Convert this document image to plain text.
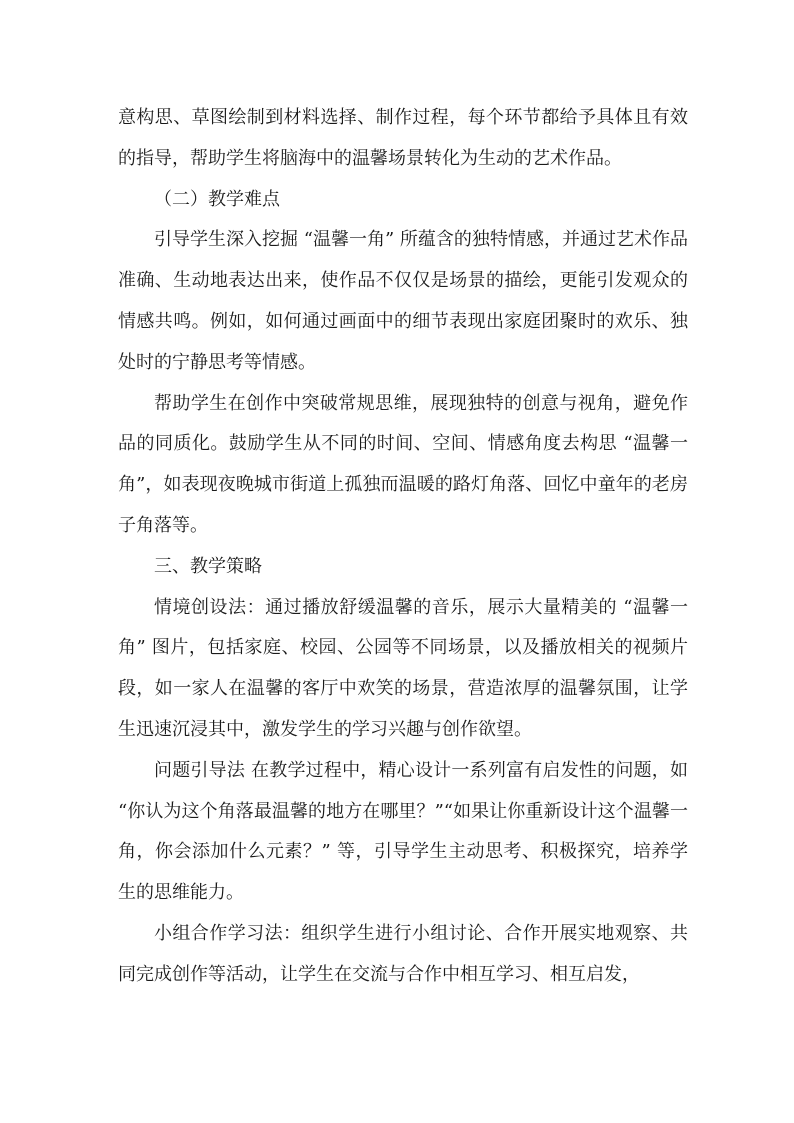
意构思、草图绘制到材料选择、制作过程，每个环节都给予具体且有效的指导，帮助学生将脑海中的温馨场景转化为生动的艺术作品。

（二）教学难点

引导学生深入挖掘 “温馨一角” 所蕴含的独特情感，并通过艺术作品准确、生动地表达出来，使作品不仅仅是场景的描绘，更能引发观众的情感共鸣。例如，如何通过画面中的细节表现出家庭团聚时的欢乐、独处时的宁静思考等情感。

帮助学生在创作中突破常规思维，展现独特的创意与视角，避免作品的同质化。鼓励学生从不同的时间、空间、情感角度去构思 “温馨一角”，如表现夜晚城市街道上孤独而温暖的路灯角落、回忆中童年的老房子角落等。

三、教学策略

情境创设法：通过播放舒缓温馨的音乐，展示大量精美的 “温馨一角” 图片，包括家庭、校园、公园等不同场景，以及播放相关的视频片段，如一家人在温馨的客厅中欢笑的场景，营造浓厚的温馨氛围，让学生迅速沉浸其中，激发学生的学习兴趣与创作欲望。

问题引导法 在教学过程中，精心设计一系列富有启发性的问题，如 “你认为这个角落最温馨的地方在哪里？”“如果让你重新设计这个温馨一角，你会添加什么元素？” 等，引导学生主动思考、积极探究，培养学生的思维能力。

小组合作学习法：组织学生进行小组讨论、合作开展实地观察、共同完成创作等活动，让学生在交流与合作中相互学习、相互启发，
